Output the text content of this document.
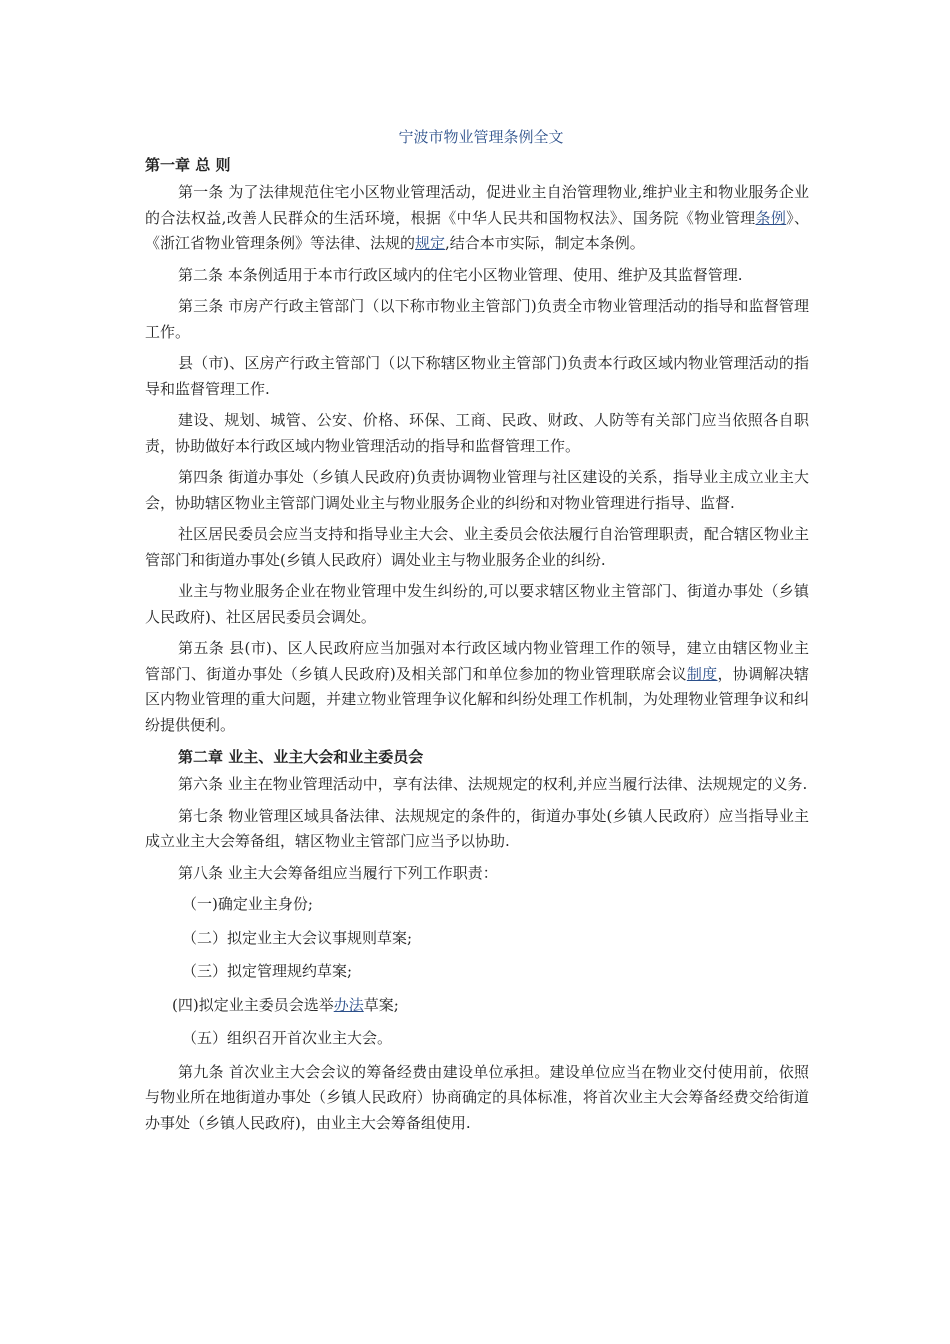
宁波市物业管理条例全文

第一章 总 则

第一条 为了法律规范住宅小区物业管理活动，促进业主自治管理物业,维护业主和物业服务企业的合法权益,改善人民群众的生活环境，根据《中华人民共和国物权法》、国务院《物业管理条例》、《浙江省物业管理条例》等法律、法规的规定,结合本市实际，制定本条例。

第二条 本条例适用于本市行政区域内的住宅小区物业管理、使用、维护及其监督管理.

第三条 市房产行政主管部门（以下称市物业主管部门)负责全市物业管理活动的指导和监督管理工作。

县（市)、区房产行政主管部门（以下称辖区物业主管部门)负责本行政区域内物业管理活动的指导和监督管理工作.

建设、规划、城管、公安、价格、环保、工商、民政、财政、人防等有关部门应当依照各自职责，协助做好本行政区域内物业管理活动的指导和监督管理工作。

第四条 街道办事处（乡镇人民政府)负责协调物业管理与社区建设的关系，指导业主成立业主大会，协助辖区物业主管部门调处业主与物业服务企业的纠纷和对物业管理进行指导、监督.

社区居民委员会应当支持和指导业主大会、业主委员会依法履行自治管理职责，配合辖区物业主管部门和街道办事处(乡镇人民政府）调处业主与物业服务企业的纠纷.

业主与物业服务企业在物业管理中发生纠纷的,可以要求辖区物业主管部门、街道办事处（乡镇人民政府)、社区居民委员会调处。

第五条 县(市)、区人民政府应当加强对本行政区域内物业管理工作的领导，建立由辖区物业主管部门、街道办事处（乡镇人民政府)及相关部门和单位参加的物业管理联席会议制度，协调解决辖区内物业管理的重大问题，并建立物业管理争议化解和纠纷处理工作机制，为处理物业管理争议和纠纷提供便利。

第二章 业主、业主大会和业主委员会

第六条 业主在物业管理活动中，享有法律、法规规定的权利,并应当履行法律、法规规定的义务.

第七条 物业管理区域具备法律、法规规定的条件的，街道办事处(乡镇人民政府）应当指导业主成立业主大会筹备组，辖区物业主管部门应当予以协助.

第八条 业主大会筹备组应当履行下列工作职责：

（一)确定业主身份;

（二）拟定业主大会议事规则草案;

（三）拟定管理规约草案;

(四)拟定业主委员会选举办法草案;

（五）组织召开首次业主大会。

第九条 首次业主大会会议的筹备经费由建设单位承担。建设单位应当在物业交付使用前，依照与物业所在地街道办事处（乡镇人民政府）协商确定的具体标准，将首次业主大会筹备经费交给街道办事处（乡镇人民政府)，由业主大会筹备组使用.
